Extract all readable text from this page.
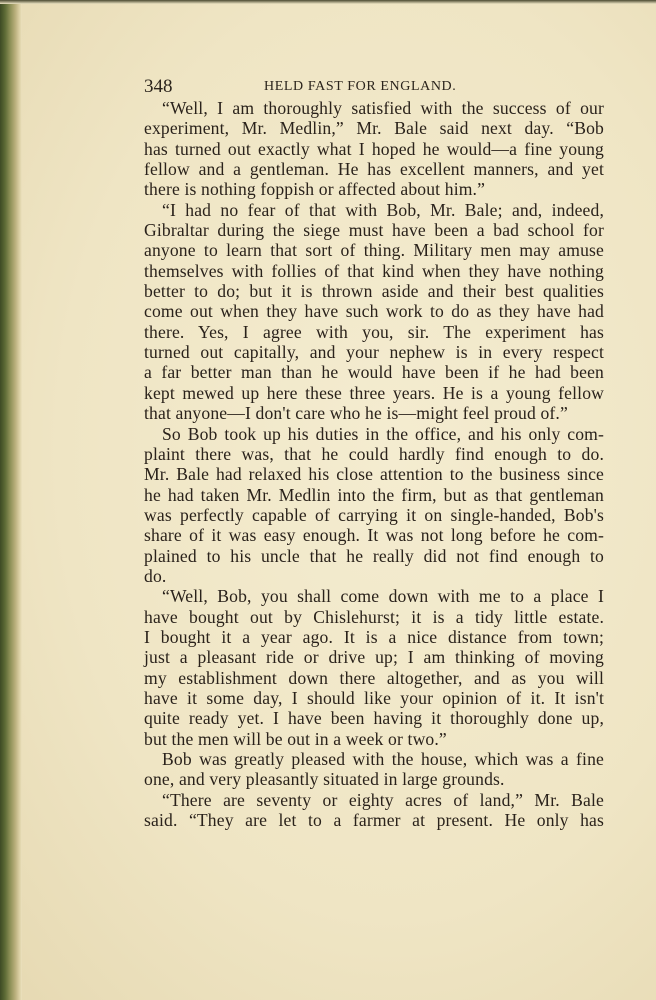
348	HELD FAST FOR ENGLAND.
“Well, I am thoroughly satisfied with the success of our
experiment, Mr. Medlin,” Mr. Bale said next day. “Bob
has turned out exactly what I hoped he would—a fine young
fellow and a gentleman. He has excellent manners, and yet
there is nothing foppish or affected about him.”
“I had no fear of that with Bob, Mr. Bale; and, indeed,
Gibraltar during the siege must have been a bad school for
anyone to learn that sort of thing. Military men may amuse
themselves with follies of that kind when they have nothing
better to do; but it is thrown aside and their best qualities
come out when they have such work to do as they have had
there. Yes, I agree with you, sir. The experiment has
turned out capitally, and your nephew is in every respect
a far better man than he would have been if he had been
kept mewed up here these three years. He is a young fellow
that anyone—I don't care who he is—might feel proud of.”
So Bob took up his duties in the office, and his only com-
plaint there was, that he could hardly find enough to do.
Mr. Bale had relaxed his close attention to the business since
he had taken Mr. Medlin into the firm, but as that gentleman
was perfectly capable of carrying it on single-handed, Bob's
share of it was easy enough. It was not long before he com-
plained to his uncle that he really did not find enough to
do.
“Well, Bob, you shall come down with me to a place I
have bought out by Chislehurst; it is a tidy little estate.
I bought it a year ago. It is a nice distance from town;
just a pleasant ride or drive up; I am thinking of moving
my establishment down there altogether, and as you will
have it some day, I should like your opinion of it. It isn't
quite ready yet. I have been having it thoroughly done up,
but the men will be out in a week or two.”
Bob was greatly pleased with the house, which was a fine
one, and very pleasantly situated in large grounds.
“There are seventy or eighty acres of land,” Mr. Bale
said. “They are let to a farmer at present. He only has
